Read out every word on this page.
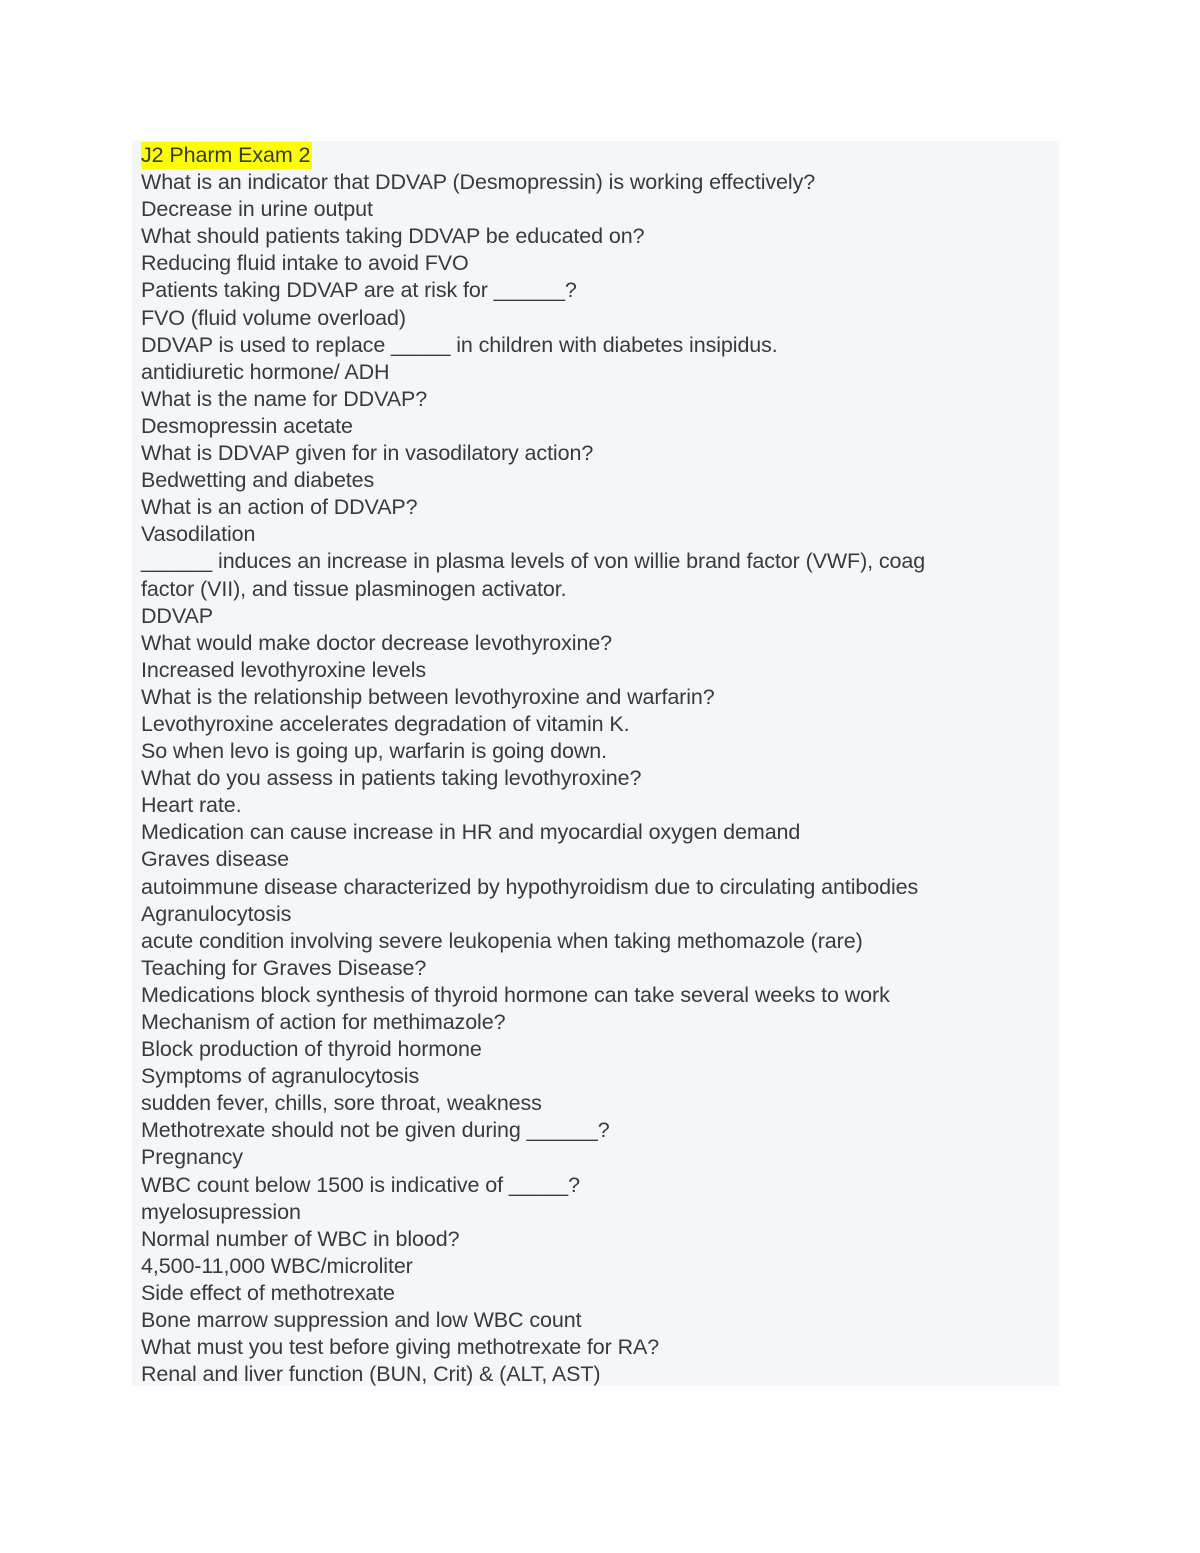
J2 Pharm Exam 2
What is an indicator that DDVAP (Desmopressin) is working effectively?
Decrease in urine output
What should patients taking DDVAP be educated on?
Reducing fluid intake to avoid FVO
Patients taking DDVAP are at risk for ______?
FVO (fluid volume overload)
DDVAP is used to replace _____ in children with diabetes insipidus.
antidiuretic hormone/ ADH
What is the name for DDVAP?
Desmopressin acetate
What is DDVAP given for in vasodilatory action?
Bedwetting and diabetes
What is an action of DDVAP?
Vasodilation
______ induces an increase in plasma levels of von willie brand factor (VWF), coag
factor (VII), and tissue plasminogen activator.
DDVAP
What would make doctor decrease levothyroxine?
Increased levothyroxine levels
What is the relationship between levothyroxine and warfarin?
Levothyroxine accelerates degradation of vitamin K.
So when levo is going up, warfarin is going down.
What do you assess in patients taking levothyroxine?
Heart rate.
Medication can cause increase in HR and myocardial oxygen demand
Graves disease
autoimmune disease characterized by hypothyroidism due to circulating antibodies
Agranulocytosis
acute condition involving severe leukopenia when taking methomazole (rare)
Teaching for Graves Disease?
Medications block synthesis of thyroid hormone can take several weeks to work
Mechanism of action for methimazole?
Block production of thyroid hormone
Symptoms of agranulocytosis
sudden fever, chills, sore throat, weakness
Methotrexate should not be given during ______?
Pregnancy
WBC count below 1500 is indicative of _____?
myelosupression
Normal number of WBC in blood?
4,500-11,000 WBC/microliter
Side effect of methotrexate
Bone marrow suppression and low WBC count
What must you test before giving methotrexate for RA?
Renal and liver function (BUN, Crit) & (ALT, AST)
